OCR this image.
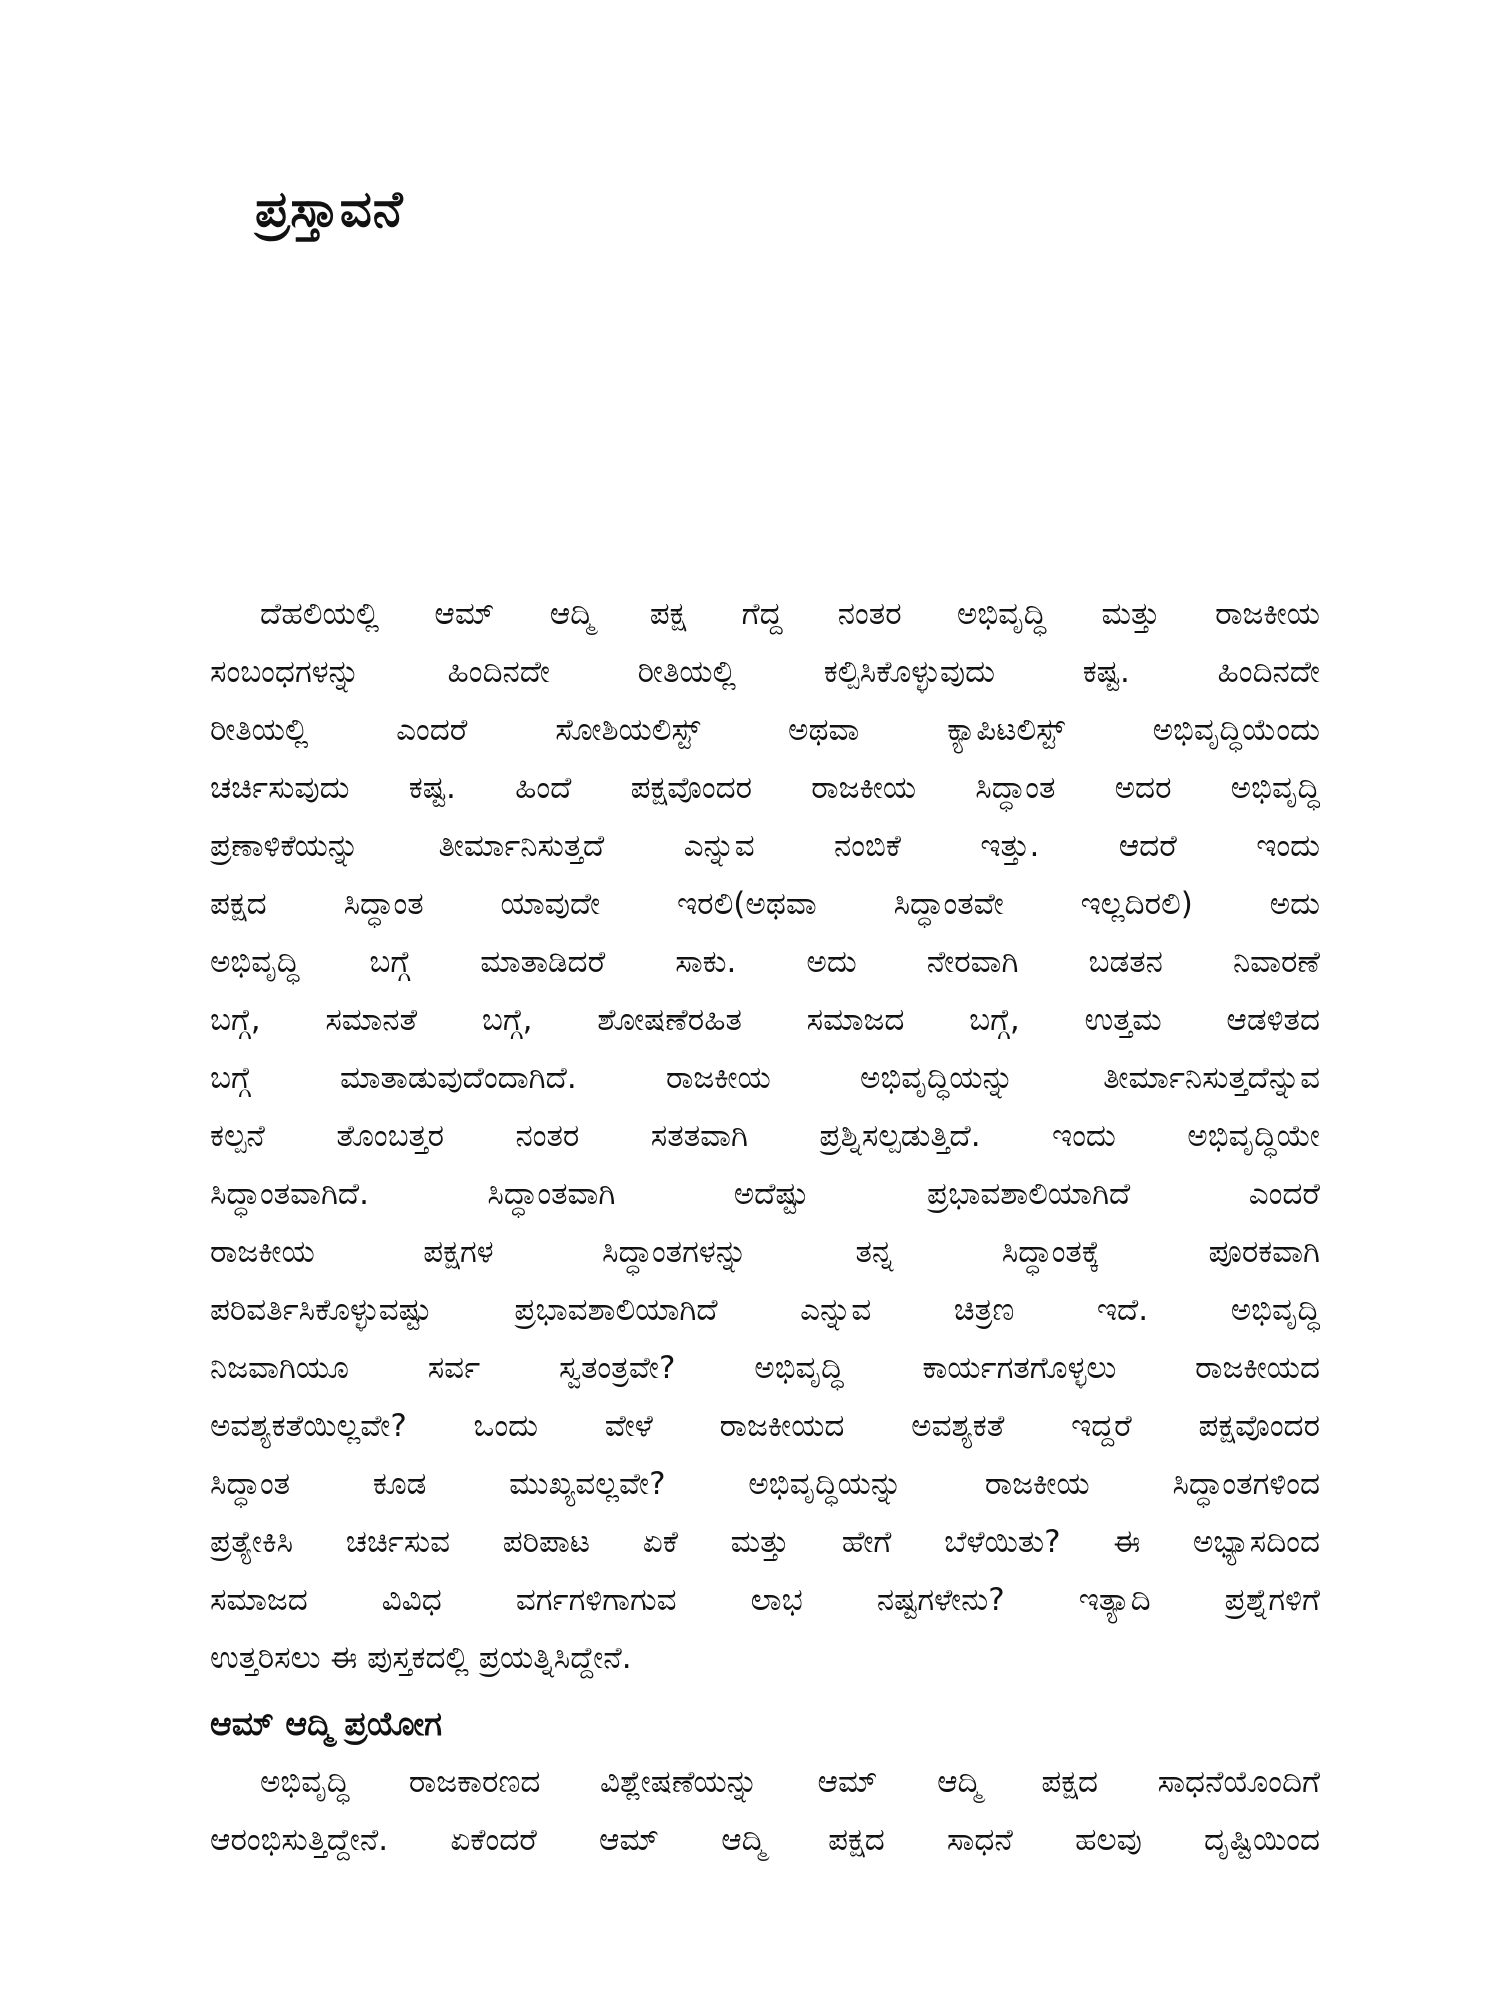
ಪ್ರಸ್ತಾವನೆ
ದೆಹಲಿಯಲ್ಲಿ ಆಮ್ ಆದ್ಮಿ ಪಕ್ಷ ಗೆದ್ದ ನಂತರ ಅಭಿವೃದ್ಧಿ ಮತ್ತು ರಾಜಕೀಯ
ಸಂಬಂಧಗಳನ್ನು ಹಿಂದಿನದೇ ರೀತಿಯಲ್ಲಿ ಕಲ್ಪಿಸಿಕೊಳ್ಳುವುದು ಕಷ್ಟ. ಹಿಂದಿನದೇ
ರೀತಿಯಲ್ಲಿ ಎಂದರೆ ಸೋಶಿಯಲಿಸ್ಟ್ ಅಥವಾ ಕ್ಯಾಪಿಟಲಿಸ್ಟ್ ಅಭಿವೃದ್ಧಿಯೆಂದು
ಚರ್ಚಿಸುವುದು ಕಷ್ಟ. ಹಿಂದೆ ಪಕ್ಷವೊಂದರ ರಾಜಕೀಯ ಸಿದ್ಧಾಂತ ಅದರ ಅಭಿವೃದ್ಧಿ
ಪ್ರಣಾಳಿಕೆಯನ್ನು ತೀರ್ಮಾನಿಸುತ್ತದೆ ಎನ್ನುವ ನಂಬಿಕೆ ಇತ್ತು. ಆದರೆ ಇಂದು
ಪಕ್ಷದ ಸಿದ್ಧಾಂತ ಯಾವುದೇ ಇರಲಿ(ಅಥವಾ ಸಿದ್ಧಾಂತವೇ ಇಲ್ಲದಿರಲಿ) ಅದು
ಅಭಿವೃದ್ಧಿ ಬಗ್ಗೆ ಮಾತಾಡಿದರೆ ಸಾಕು. ಅದು ನೇರವಾಗಿ ಬಡತನ ನಿವಾರಣೆ
ಬಗ್ಗೆ, ಸಮಾನತೆ ಬಗ್ಗೆ, ಶೋಷಣೆರಹಿತ ಸಮಾಜದ ಬಗ್ಗೆ, ಉತ್ತಮ ಆಡಳಿತದ
ಬಗ್ಗೆ ಮಾತಾಡುವುದೆಂದಾಗಿದೆ. ರಾಜಕೀಯ ಅಭಿವೃದ್ಧಿಯನ್ನು ತೀರ್ಮಾನಿಸುತ್ತದೆನ್ನುವ
ಕಲ್ಪನೆ ತೊಂಬತ್ತರ ನಂತರ ಸತತವಾಗಿ ಪ್ರಶ್ನಿಸಲ್ಪಡುತ್ತಿದೆ. ಇಂದು ಅಭಿವೃದ್ಧಿಯೇ
ಸಿದ್ಧಾಂತವಾಗಿದೆ. ಸಿದ್ಧಾಂತವಾಗಿ ಅದೆಷ್ಟು ಪ್ರಭಾವಶಾಲಿಯಾಗಿದೆ ಎಂದರೆ
ರಾಜಕೀಯ ಪಕ್ಷಗಳ ಸಿದ್ಧಾಂತಗಳನ್ನು ತನ್ನ ಸಿದ್ಧಾಂತಕ್ಕೆ ಪೂರಕವಾಗಿ
ಪರಿವರ್ತಿಸಿಕೊಳ್ಳುವಷ್ಟು ಪ್ರಭಾವಶಾಲಿಯಾಗಿದೆ ಎನ್ನುವ ಚಿತ್ರಣ ಇದೆ. ಅಭಿವೃದ್ಧಿ
ನಿಜವಾಗಿಯೂ ಸರ್ವ ಸ್ವತಂತ್ರವೇ? ಅಭಿವೃದ್ಧಿ ಕಾರ್ಯಗತಗೊಳ್ಳಲು ರಾಜಕೀಯದ
ಅವಶ್ಯಕತೆಯಿಲ್ಲವೇ? ಒಂದು ವೇಳೆ ರಾಜಕೀಯದ ಅವಶ್ಯಕತೆ ಇದ್ದರೆ ಪಕ್ಷವೊಂದರ
ಸಿದ್ಧಾಂತ ಕೂಡ ಮುಖ್ಯವಲ್ಲವೇ? ಅಭಿವೃದ್ಧಿಯನ್ನು ರಾಜಕೀಯ ಸಿದ್ಧಾಂತಗಳಿಂದ
ಪ್ರತ್ಯೇಕಿಸಿ ಚರ್ಚಿಸುವ ಪರಿಪಾಟ ಏಕೆ ಮತ್ತು ಹೇಗೆ ಬೆಳೆಯಿತು? ಈ ಅಭ್ಯಾಸದಿಂದ
ಸಮಾಜದ ವಿವಿಧ ವರ್ಗಗಳಿಗಾಗುವ ಲಾಭ ನಷ್ಟಗಳೇನು? ಇತ್ಯಾದಿ ಪ್ರಶ್ನೆಗಳಿಗೆ
ಉತ್ತರಿಸಲು ಈ ಪುಸ್ತಕದಲ್ಲಿ ಪ್ರಯತ್ನಿಸಿದ್ದೇನೆ.
ಆಮ್ ಆದ್ಮಿ ಪ್ರಯೋಗ
ಅಭಿವೃದ್ಧಿ ರಾಜಕಾರಣದ ವಿಶ್ಲೇಷಣೆಯನ್ನು ಆಮ್ ಆದ್ಮಿ ಪಕ್ಷದ ಸಾಧನೆಯೊಂದಿಗೆ
ಆರಂಭಿಸುತ್ತಿದ್ದೇನೆ. ಏಕೆಂದರೆ ಆಮ್ ಆದ್ಮಿ ಪಕ್ಷದ ಸಾಧನೆ ಹಲವು ದೃಷ್ಟಿಯಿಂದ
